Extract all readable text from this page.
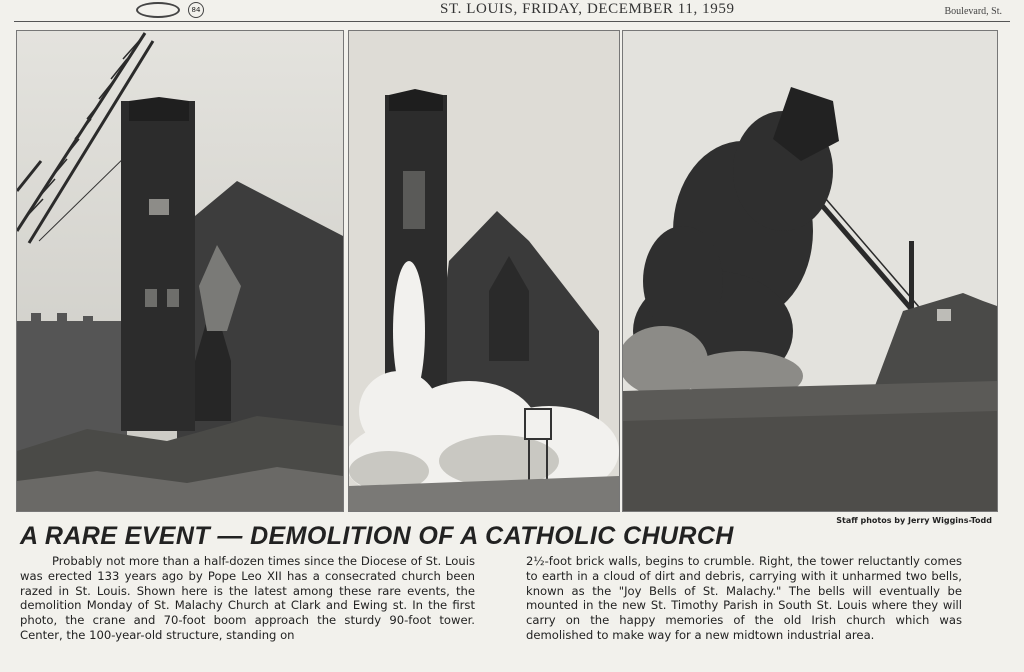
84	ST. LOUIS, FRIDAY, DECEMBER 11, 1959	Boulevard, St.
Staff photos by Jerry Wiggins-Todd
A RARE EVENT — DEMOLITION OF A CATHOLIC CHURCH
Probably not more than a half-dozen times since the Diocese of St. Louis was erected 133 years ago by Pope Leo XII has a consecrated church been razed in St. Louis. Shown here is the latest among these rare events, the demolition Monday of St. Malachy Church at Clark and Ewing st. In the first photo, the crane and 70-foot boom approach the sturdy 90-foot tower. Center, the 100-year-old structure, standing on
2½-foot brick walls, begins to crumble. Right, the tower reluctantly comes to earth in a cloud of dirt and debris, carrying with it unharmed two bells, known as the "Joy Bells of St. Malachy." The bells will eventually be mounted in the new St. Timothy Parish in South St. Louis where they will carry on the happy memories of the old Irish church which was demolished to make way for a new midtown industrial area.
